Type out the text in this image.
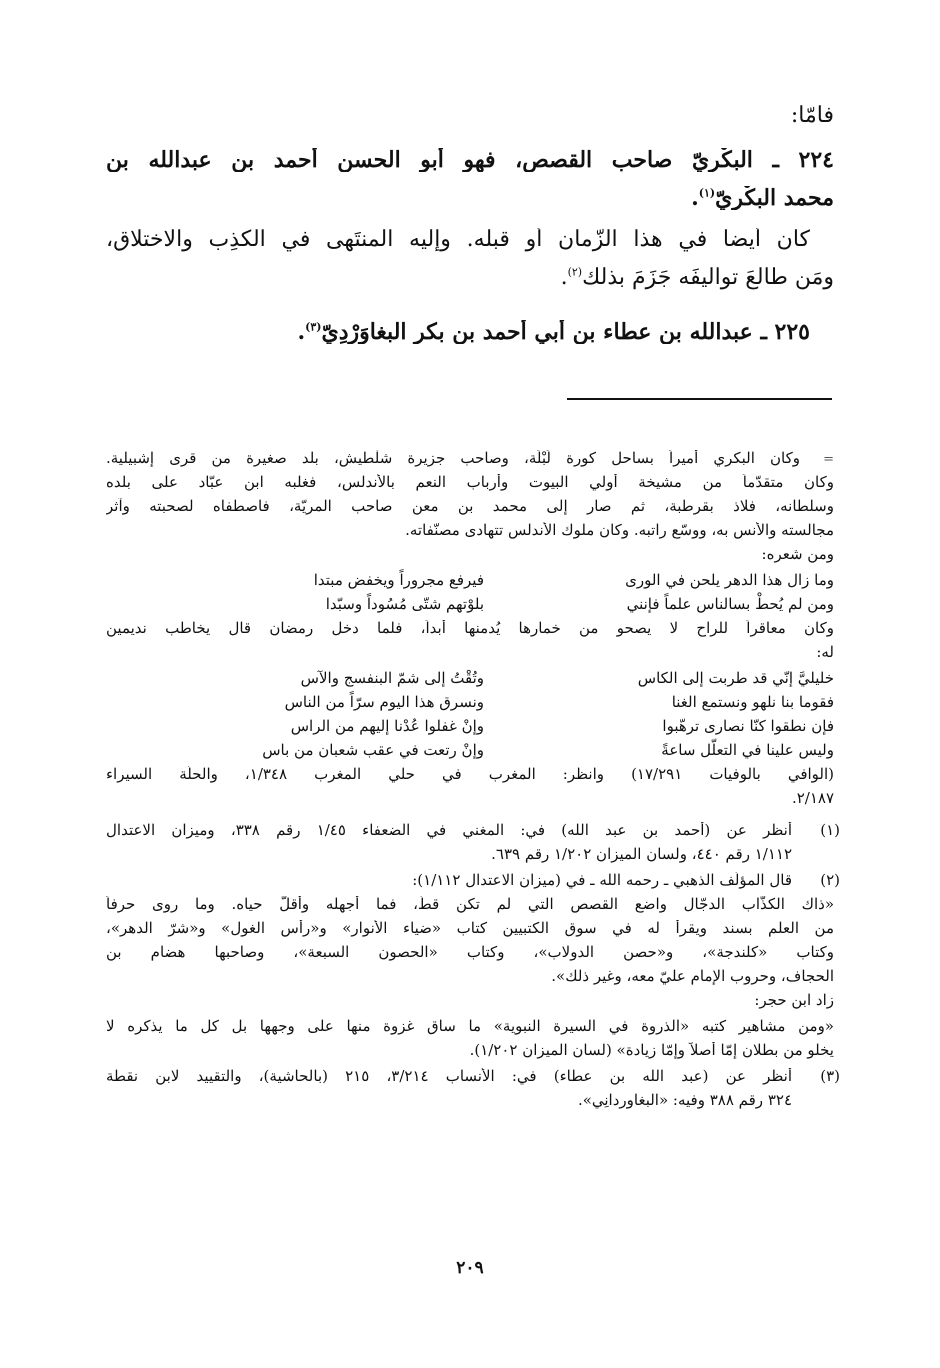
فأمّا:
٢٢٤ ـ البكْريّ صاحب القصص، فهو أبو الحسن أحمد بن عبدالله بن
محمد البكْريّ$^{(١)}$.
كان أيضاً في هذا الزّمان أو قبله. وإليه المنتَهى في الكذِب والاختلاق،
ومَن طالعَ تواليفَه جَزَمَ بذلك$^{(٢)}$.
٢٢٥ ـ عبدالله بن عطاء بن أبي أحمد بن بكر البغاوَرْدِيّ$^{(٣)}$.
=
وكان البكري أميراً بساحل كورة لَبْلَة، وصاحب جزيرة شلْطيش، بلد صغيرة من قرى إشبيلية.
وكان متقدّماً من مشيخة أولي البيوت وأرباب النعم بالأندلس، فغلبه ابن عبّاد على بلده
وسلطانه، فلاذ بقرطبة، ثم صار إلى محمد بن معن صاحب المريّة، فاصطفاه لصحبته وآثر
مجالسته والأنس به، ووسّع راتبه. وكان ملوك الأندلس تتهادى مصنّفاته.
ومن شعره:
وما زال هذا الدهر يلحن في الورى
فيرفع مجروراً ويخفض مبتدا
ومن لم يُحطْ بسالناس علماً فإنني
بلوْتهم شتّى مُسُوداً وسبّدا
وكان معاقراً للراح لا يصحو من خمارها يُدمنها أبداً، فلما دخل رمضان قال يخاطب نديمين
له:
خليليَّ إنّي قد طربت إلى الكاس
وتُقْتُ إلى شمّ البنفسج والآس
فقوما بنا نلهو ونستمع الغنا
ونسرق هذا اليوم سرّاً من الناس
فإن نطقوا كنّا نصارى ترهّبوا
وإنْ غفلوا عُدْنا إليهم من الراس
وليس علينا في التعلّل ساعةً
وإنْ رتعت في عقب شعبان من باس
(الوافي بالوفيات ١٧/٢٩١) وانظر: المغرب في حلي المغرب ١/٣٤٨، والحلّة السيراء
٢/١٨٧.
(١)
أنظر عن (أحمد بن عبد الله) في: المغني في الضعفاء ١/٤٥ رقم ٣٣٨، وميزان الاعتدال
١/١١٢ رقم ٤٤٠، ولسان الميزان ١/٢٠٢ رقم ٦٣٩.
(٢)
قال المؤلّف الذهبي ـ رحمه الله ـ في (ميزان الاعتدال ١/١١٢):
«ذاك الكذّاب الدجّال واضع القصص التي لم تكن قطّ، فما أجهله وأقلّ حياه. وما روى حرفاً
من العلم بسند ويقرأ له في سوق الكتبيين كتاب «ضياء الأنوار» و«رأس الغول» و«شرّ الدهر»،
وكتاب «كلندجة»، و«حصن الدولاب»، وكتاب «الحصون السبعة»، وصاحبها هضام بن
الحجاف، وحروب الإمام عليّ معه، وغير ذلك».
زاد ابن حجر:
«ومن مشاهير كتبه «الذروة في السيرة النبوية» ما ساق غزوة منها على وجهها بل كل ما يذكره لا
يخلو من بطلان إمّا أصلاً وإمّا زيادة» (لسان الميزان ١/٢٠٢).
(٣)
أنظر عن (عبد الله بن عطاء) في: الأنساب ٣/٢١٤، ٢١٥ (بالحاشية)، والتقييد لابن نقطة
٣٢٤ رقم ٣٨٨ وفيه: «البغاوردانِي».
٢٠٩
